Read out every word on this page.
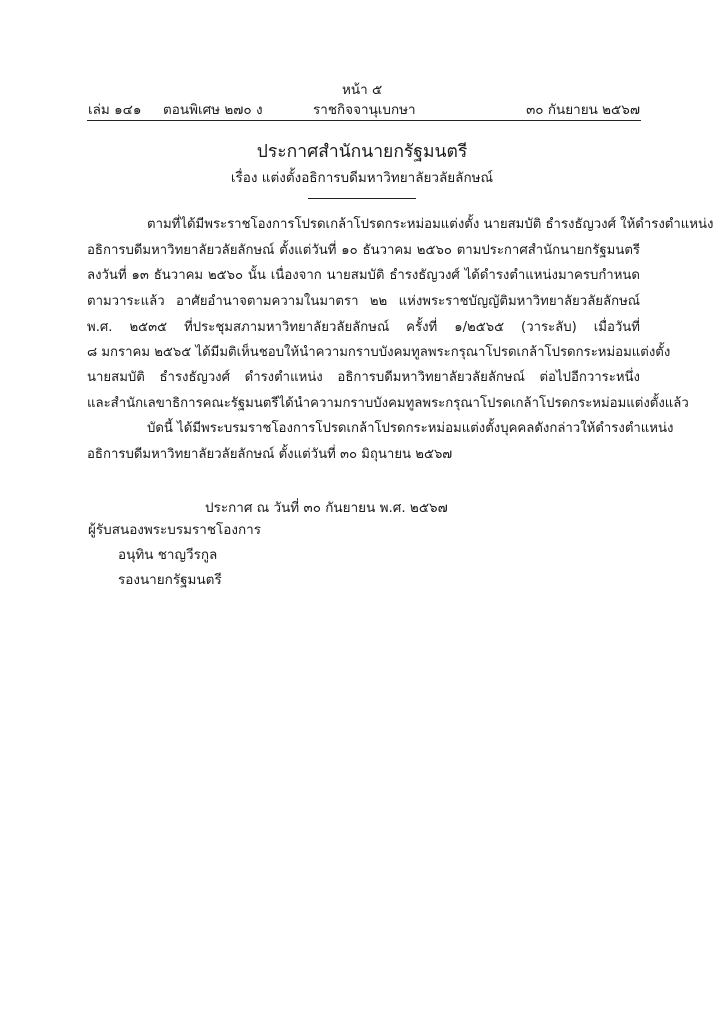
หน้า ๕
เล่ม ๑๔๑ ตอนพิเศษ ๒๗๐ ง	ราชกิจจานุเบกษา	๓๐ กันยายน ๒๕๖๗
ประกาศสำนักนายกรัฐมนตรี
เรื่อง แต่งตั้งอธิการบดีมหาวิทยาลัยวลัยลักษณ์
ตามที่ได้มีพระราชโองการโปรดเกล้าโปรดกระหม่อมแต่งตั้ง นายสมบัติ ธำรงธัญวงศ์ ให้ดำรงตำแหน่ง
อธิการบดีมหาวิทยาลัยวลัยลักษณ์ ตั้งแต่วันที่ ๑๐ ธันวาคม ๒๕๖๐ ตามประกาศสำนักนายกรัฐมนตรี
ลงวันที่ ๑๓ ธันวาคม ๒๕๖๐ นั้น เนื่องจาก นายสมบัติ ธำรงธัญวงศ์ ได้ดำรงตำแหน่งมาครบกำหนด
ตามวาระแล้ว อาศัยอำนาจตามความในมาตรา ๒๒ แห่งพระราชบัญญัติมหาวิทยาลัยวลัยลักษณ์
พ.ศ. ๒๕๓๕ ที่ประชุมสภามหาวิทยาลัยวลัยลักษณ์ ครั้งที่ ๑/๒๕๖๕ (วาระลับ) เมื่อวันที่
๘ มกราคม ๒๕๖๕ ได้มีมติเห็นชอบให้นำความกราบบังคมทูลพระกรุณาโปรดเกล้าโปรดกระหม่อมแต่งตั้ง
นายสมบัติ ธำรงธัญวงศ์ ดำรงตำแหน่ง อธิการบดีมหาวิทยาลัยวลัยลักษณ์ ต่อไปอีกวาระหนึ่ง
และสำนักเลขาธิการคณะรัฐมนตรีได้นำความกราบบังคมทูลพระกรุณาโปรดเกล้าโปรดกระหม่อมแต่งตั้งแล้ว
บัดนี้ ได้มีพระบรมราชโองการโปรดเกล้าโปรดกระหม่อมแต่งตั้งบุคคลดังกล่าวให้ดำรงตำแหน่ง
อธิการบดีมหาวิทยาลัยวลัยลักษณ์ ตั้งแต่วันที่ ๓๐ มิถุนายน ๒๕๖๗
ประกาศ ณ วันที่ ๓๐ กันยายน พ.ศ. ๒๕๖๗
ผู้รับสนองพระบรมราชโองการ
อนุทิน ชาญวีรกูล
รองนายกรัฐมนตรี
